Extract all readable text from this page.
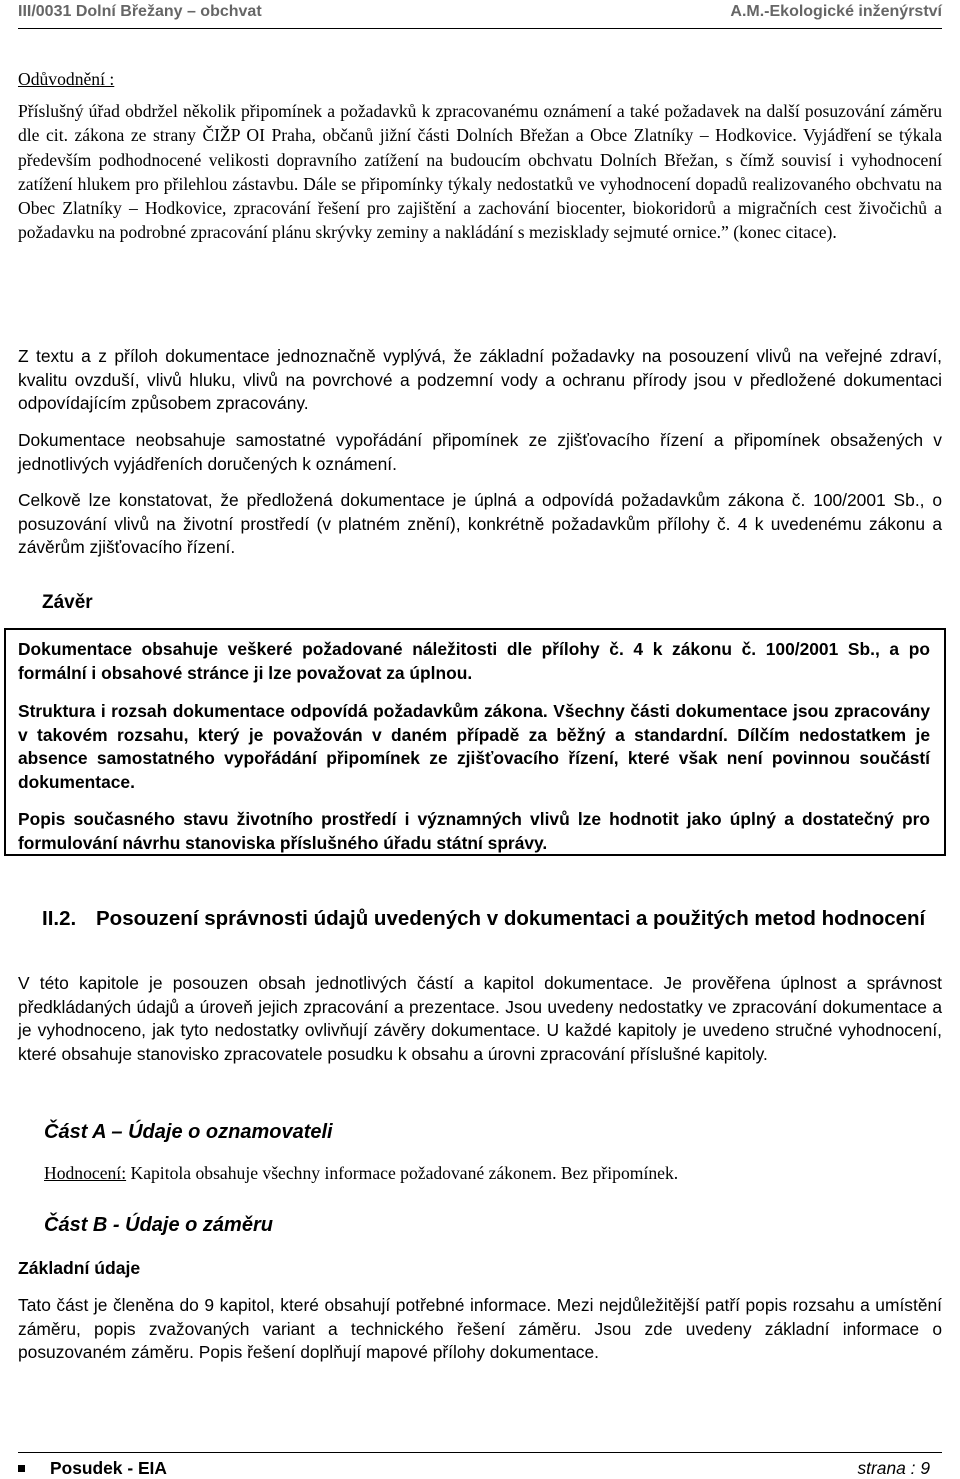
III/0031 Dolní Břežany – obchvat	A.M.-Ekologické inženýrství
Odůvodnění :
Příslušný úřad obdržel několik připomínek a požadavků k zpracovanému oznámení a také požadavek na další posuzování záměru dle cit. zákona ze strany ČIŽP OI Praha, občanů jižní části Dolních Břežan a Obce Zlatníky – Hodkovice. Vyjádření se týkala především podhodnocené velikosti dopravního zatížení na budoucím obchvatu Dolních Břežan, s čímž souvisí i vyhodnocení zatížení hlukem pro přilehlou zástavbu. Dále se připomínky týkaly nedostatků ve vyhodnocení dopadů realizovaného obchvatu na Obec Zlatníky – Hodkovice, zpracování řešení pro zajištění a zachování biocenter, biokoridorů a migračních cest živočichů a požadavku na podrobné zpracování plánu skrývky zeminy a nakládání s mezisklady sejmuté ornice.” (konec citace).
Z textu a z příloh dokumentace jednoznačně vyplývá, že základní požadavky na posouzení vlivů na veřejné zdraví, kvalitu ovzduší, vlivů hluku, vlivů na povrchové a podzemní vody a ochranu přírody jsou v předložené dokumentaci odpovídajícím způsobem zpracovány.
Dokumentace neobsahuje samostatné vypořádání připomínek ze zjišťovacího řízení a připomínek obsažených v jednotlivých vyjádřeních doručených k oznámení.
Celkově lze konstatovat, že předložená dokumentace je úplná a odpovídá požadavkům zákona č. 100/2001 Sb., o posuzování vlivů na životní prostředí (v platném znění), konkrétně požadavkům přílohy č. 4 k uvedenému zákonu a závěrům zjišťovacího řízení.
Závěr

Dokumentace obsahuje veškeré požadované náležitosti dle přílohy č. 4 k zákonu č. 100/2001 Sb., a po formální i obsahové stránce ji lze považovat za úplnou.

Struktura i rozsah dokumentace odpovídá požadavkům zákona. Všechny části dokumentace jsou zpracovány v takovém rozsahu, který je považován v daném případě za běžný a standardní. Dílčím nedostatkem je absence samostatného vypořádání připomínek ze zjišťovacího řízení, které však není povinnou součástí dokumentace.

Popis současného stavu životního prostředí i významných vlivů lze hodnotit jako úplný a dostatečný pro formulování návrhu stanoviska příslušného úřadu státní správy.

II.2. Posouzení správnosti údajů uvedených v dokumentaci a použitých metod hodnocení
V této kapitole je posouzen obsah jednotlivých částí a kapitol dokumentace. Je prověřena úplnost a správnost předkládaných údajů a úroveň jejich zpracování a prezentace. Jsou uvedeny nedostatky ve zpracování dokumentace a je vyhodnoceno, jak tyto nedostatky ovlivňují závěry dokumentace. U každé kapitoly je uvedeno stručné vyhodnocení, které obsahuje stanovisko zpracovatele posudku k obsahu a úrovni zpracování příslušné kapitoly.
Část A – Údaje o oznamovateli
Hodnocení: Kapitola obsahuje všechny informace požadované zákonem. Bez připomínek.
Část B - Údaje o záměru
Základní údaje
Tato část je členěna do 9 kapitol, které obsahují potřebné informace. Mezi nejdůležitější patří popis rozsahu a umístění záměru, popis zvažovaných variant a technického řešení záměru. Jsou zde uvedeny základní informace o posuzovaném záměru. Popis řešení doplňují mapové přílohy dokumentace.
Posudek - EIA	strana : 9
